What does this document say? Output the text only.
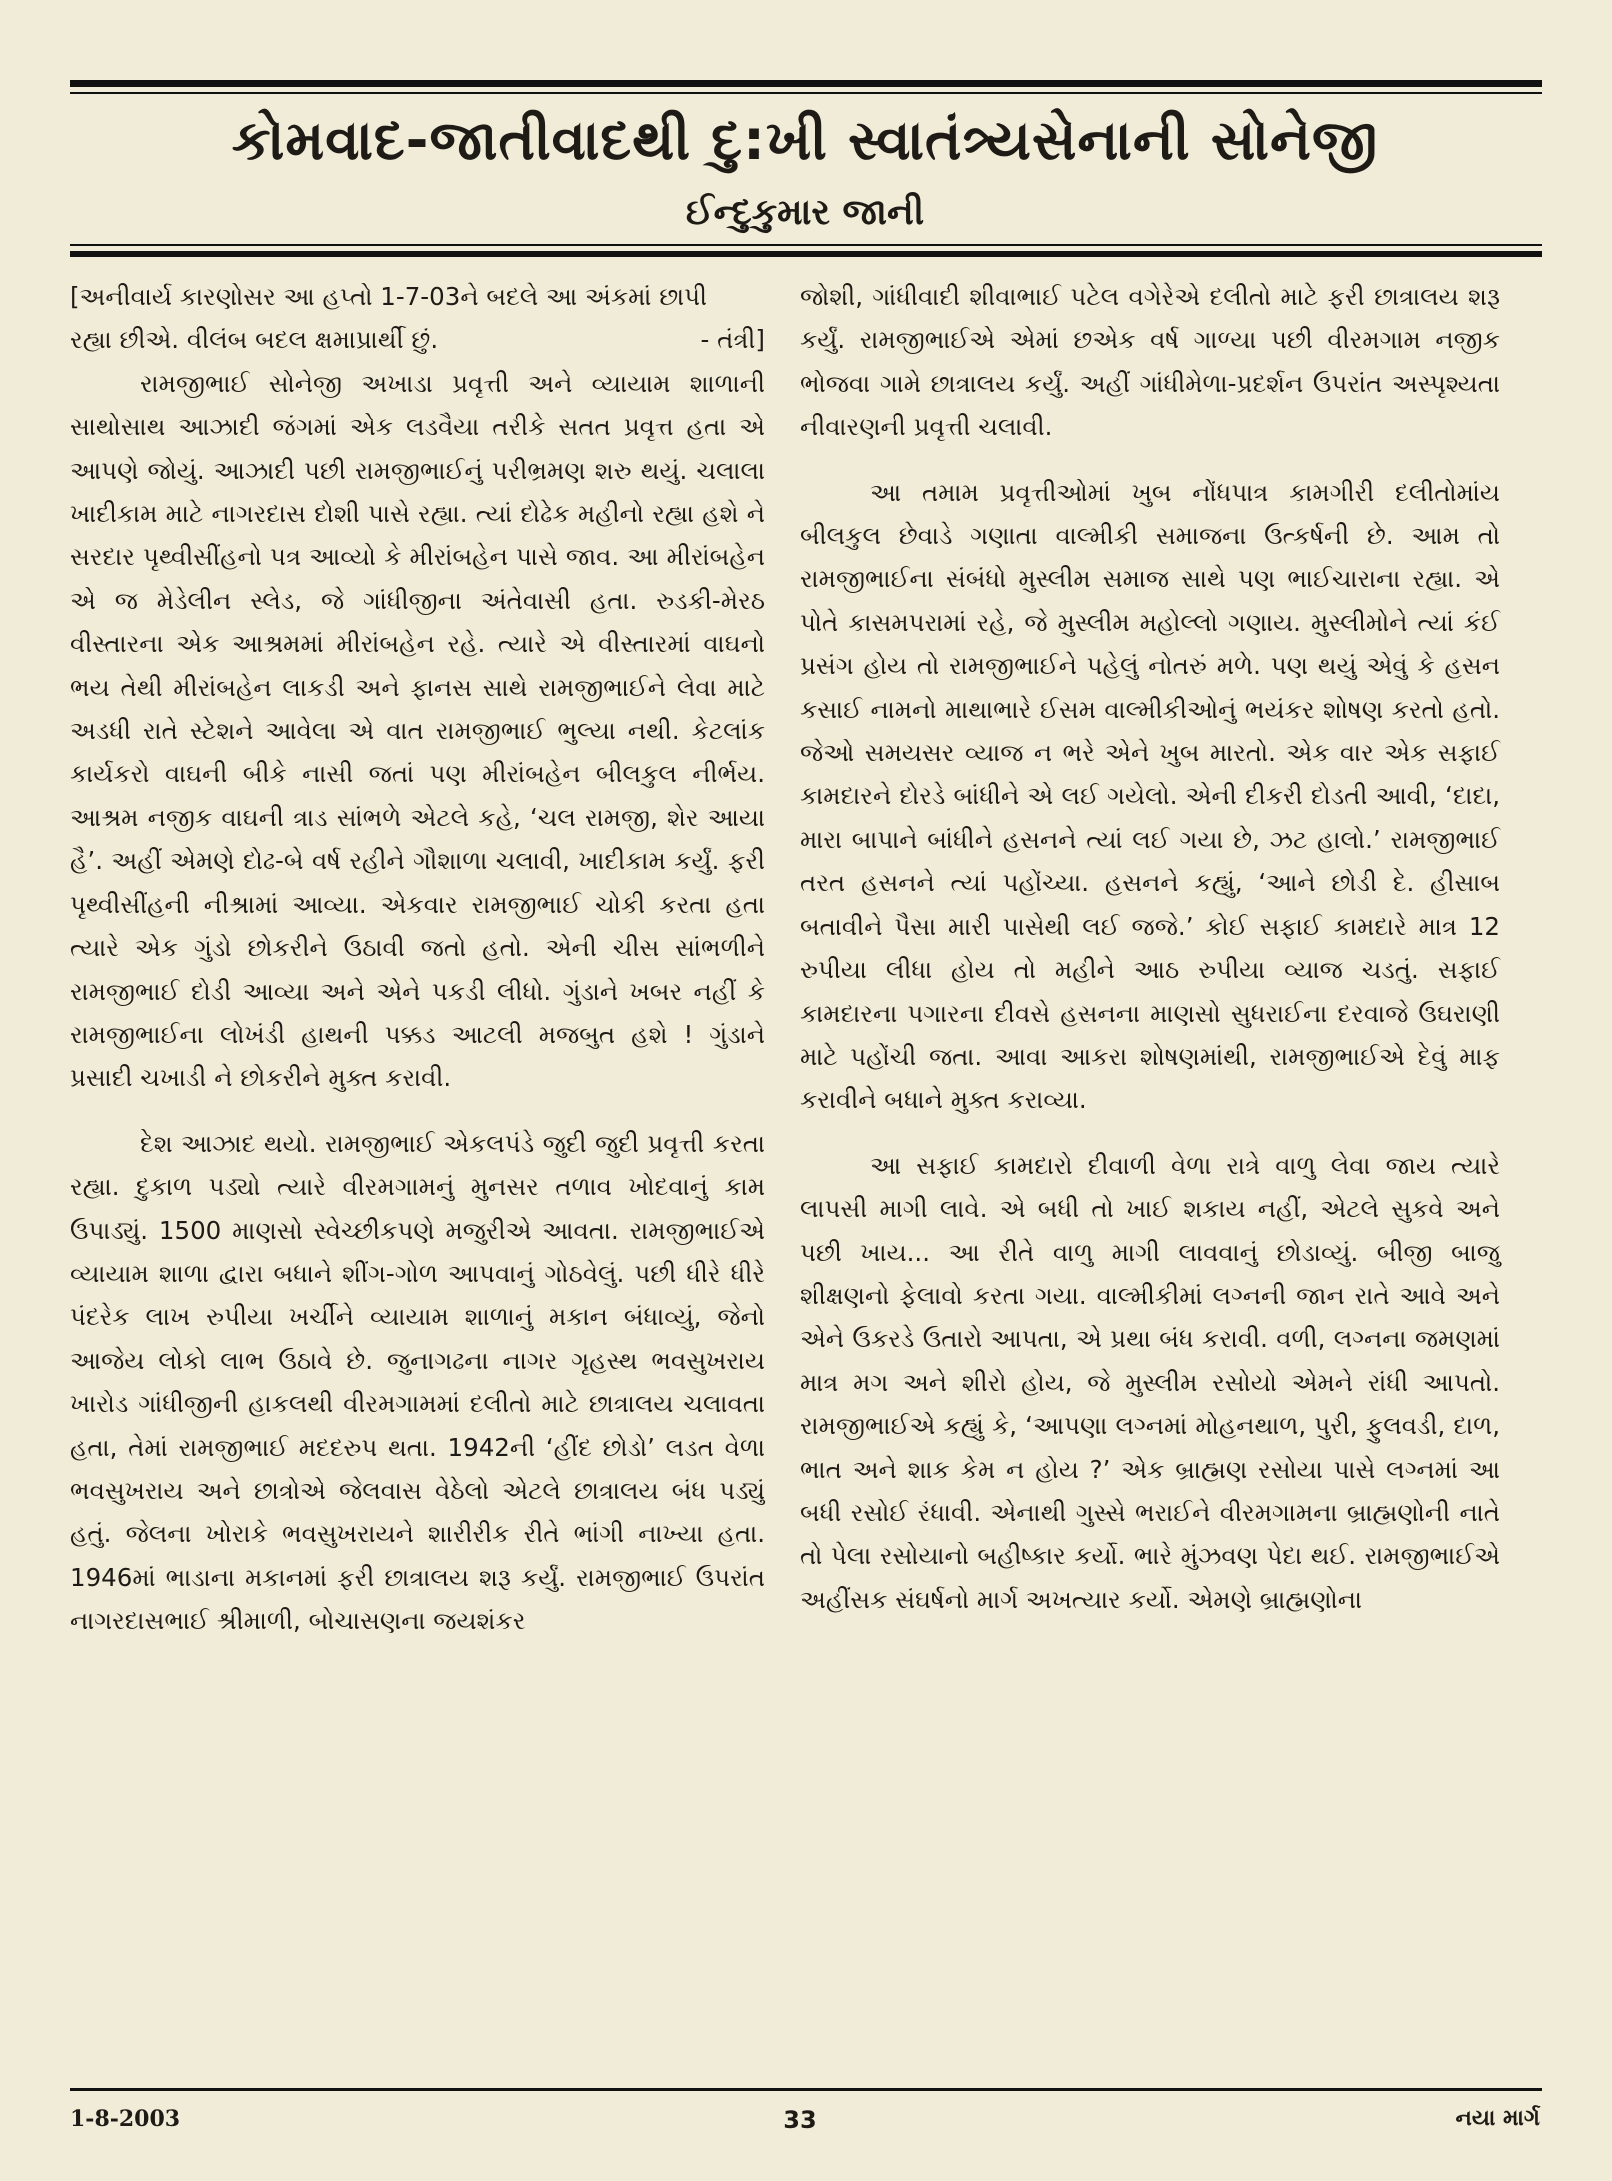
કોમવાદ-જાતીવાદથી દુ:ખી સ્વાતંત્ર્યસેનાની સોનેજી
ઈન્દુકુમાર જાની
[અનીવાર્ય કારણોસર આ હપ્તો 1-7-03ને બદલે આ અંકમાં છાપી
રહ્યા છીએ. વીલંબ બદલ ક્ષમાપ્રાર્થી છું.	- તંત્રી]

રામજીભાઈ સોનેજી અખાડા પ્રવૃત્તી અને વ્યાયામ શાળાની સાથોસાથ આઝાદી જંગમાં એક લડવૈયા તરીકે સતત પ્રવૃત્ત હતા એ આપણે જોયું. આઝાદી પછી રામજીભાઈનું પરીભ્રમણ શરુ થયું. ચલાલા ખાદીકામ માટે નાગરદાસ દોશી પાસે રહ્યા. ત્યાં દોઢેક મહીનો રહ્યા હશે ને સરદાર પૃથ્વીસીંહનો પત્ર આવ્યો કે મીરાંબહેન પાસે જાવ. આ મીરાંબહેન એ જ મેડેલીન સ્લેડ, જે ગાંધીજીના અંતેવાસી હતા. રુડકી-મેરઠ વીસ્તારના એક આશ્રમમાં મીરાંબહેન રહે. ત્યારે એ વીસ્તારમાં વાઘનો ભય તેથી મીરાંબહેન લાકડી અને ફાનસ સાથે રામજીભાઈને લેવા માટે અડધી રાતે સ્ટેશને આવેલા એ વાત રામજીભાઈ ભુલ્યા નથી. કેટલાંક કાર્યકરો વાઘની બીકે નાસી જતાં પણ મીરાંબહેન બીલકુલ નીર્ભય. આશ્રમ નજીક વાઘની ત્રાડ સાંભળે એટલે કહે, ‘ચલ રામજી, શેર આયા હૈ’. અહીં એમણે દોઢ-બે વર્ષ રહીને ગૌશાળા ચલાવી, ખાદીકામ કર્યું. ફરી પૃથ્વીસીંહની નીશ્રામાં આવ્યા. એકવાર રામજીભાઈ ચોકી કરતા હતા ત્યારે એક ગુંડો છોકરીને ઉઠાવી જતો હતો. એની ચીસ સાંભળીને રામજીભાઈ દોડી આવ્યા અને એને પકડી લીધો. ગુંડાને ખબર નહીં કે રામજીભાઈના લોખંડી હાથની પક્કડ આટલી મજબુત હશે ! ગુંડાને પ્રસાદી ચખાડી ને છોકરીને મુક્ત કરાવી.

દેશ આઝાદ થયો. રામજીભાઈ એકલપંડે જુદી જુદી પ્રવૃત્તી કરતા રહ્યા. દુકાળ પડ્યો ત્યારે વીરમગામનું મુનસર તળાવ ખોદવાનું કામ ઉપાડ્યું. 1500 માણસો સ્વેચ્છીકપણે મજુરીએ આવતા. રામજીભાઈએ વ્યાયામ શાળા દ્વારા બધાને શીંગ-ગોળ આપવાનું ગોઠવેલું. પછી ધીરે ધીરે પંદરેક લાખ રુપીયા ખર્ચીને વ્યાયામ શાળાનું મકાન બંધાવ્યું, જેનો આજેય લોકો લાભ ઉઠાવે છે. જુનાગઢના નાગર ગૃહસ્થ ભવસુખરાય ખારોડ ગાંધીજીની હાકલથી વીરમગામમાં દલીતો માટે છાત્રાલય ચલાવતા હતા, તેમાં રામજીભાઈ મદદરુપ થતા. 1942ની ‘હીંદ છોડો’ લડત વેળા ભવસુખરાય અને છાત્રોએ જેલવાસ વેઠેલો એટલે છાત્રાલય બંધ પડ્યું હતું. જેલના ખોરાકે ભવસુખરાયને શારીરીક રીતે ભાંગી નાખ્યા હતા. 1946માં ભાડાના મકાનમાં ફરી છાત્રાલય શરૂ કર્યું. રામજીભાઈ ઉપરાંત નાગરદાસભાઈ શ્રીમાળી, બોચાસણના જયશંકર

જોશી, ગાંધીવાદી શીવાભાઈ પટેલ વગેરેએ દલીતો માટે ફરી છાત્રાલય શરૂ કર્યું. રામજીભાઈએ એમાં છએક વર્ષ ગાળ્યા પછી વીરમગામ નજીક ભોજવા ગામે છાત્રાલય કર્યું. અહીં ગાંધીમેળા-પ્રદર્શન ઉપરાંત અસ્પૃશ્યતા નીવારણની પ્રવૃત્તી ચલાવી.

આ તમામ પ્રવૃત્તીઓમાં ખુબ નોંધપાત્ર કામગીરી દલીતોમાંય બીલકુલ છેવાડે ગણાતા વાલ્મીકી સમાજના ઉત્કર્ષની છે. આમ તો રામજીભાઈના સંબંધો મુસ્લીમ સમાજ સાથે પણ ભાઈચારાના રહ્યા. એ પોતે કાસમપરામાં રહે, જે મુસ્લીમ મહોલ્લો ગણાય. મુસ્લીમોને ત્યાં કંઈ પ્રસંગ હોય તો રામજીભાઈને પહેલું નોતરું મળે. પણ થયું એવું કે હસન કસાઈ નામનો માથાભારે ઈસમ વાલ્મીકીઓનું ભયંકર શોષણ કરતો હતો. જેઓ સમયસર વ્યાજ ન ભરે એને ખુબ મારતો. એક વાર એક સફાઈ કામદારને દોરડે બાંધીને એ લઈ ગયેલો. એની દીકરી દોડતી આવી, ‘દાદા, મારા બાપાને બાંધીને હસનને ત્યાં લઈ ગયા છે, ઝટ હાલો.’ રામજીભાઈ તરત હસનને ત્યાં પહોંચ્યા. હસનને કહ્યું, ‘આને છોડી દે. હીસાબ બતાવીને પૈસા મારી પાસેથી લઈ જજે.’ કોઈ સફાઈ કામદારે માત્ર 12 રુપીયા લીધા હોય તો મહીને આઠ રુપીયા વ્યાજ ચડતું. સફાઈ કામદારના પગારના દીવસે હસનના માણસો સુધરાઈના દરવાજે ઉઘરાણી માટે પહોંચી જતા. આવા આકરા શોષણમાંથી, રામજીભાઈએ દેવું માફ કરાવીને બધાને મુક્ત કરાવ્યા.

આ સફાઈ કામદારો દીવાળી વેળા રાત્રે વાળુ લેવા જાય ત્યારે લાપસી માગી લાવે. એ બધી તો ખાઈ શકાય નહીં, એટલે સુકવે અને પછી ખાય... આ રીતે વાળુ માગી લાવવાનું છોડાવ્યું. બીજી બાજુ શીક્ષણનો ફેલાવો કરતા ગયા. વાલ્મીકીમાં લગ્નની જાન રાતે આવે અને એને ઉકરડે ઉતારો આપતા, એ પ્રથા બંધ કરાવી. વળી, લગ્નના જમણમાં માત્ર મગ અને શીરો હોય, જે મુસ્લીમ રસોયો એમને રાંધી આપતો. રામજીભાઈએ કહ્યું કે, ‘આપણા લગ્નમાં મોહનથાળ, પુરી, ફુલવડી, દાળ, ભાત અને શાક કેમ ન હોય ?’ એક બ્રાહ્મણ રસોયા પાસે લગ્નમાં આ બધી રસોઈ રંધાવી. એનાથી ગુસ્સે ભરાઈને વીરમગામના બ્રાહ્મણોની નાતે તો પેલા રસોયાનો બહીષ્કાર કર્યો. ભારે મુંઝવણ પેદા થઈ. રામજીભાઈએ અહીંસક સંઘર્ષનો માર્ગ અખત્યાર કર્યો. એમણે બ્રાહ્મણોના

1-8-2003	33	નયા માર્ગ
